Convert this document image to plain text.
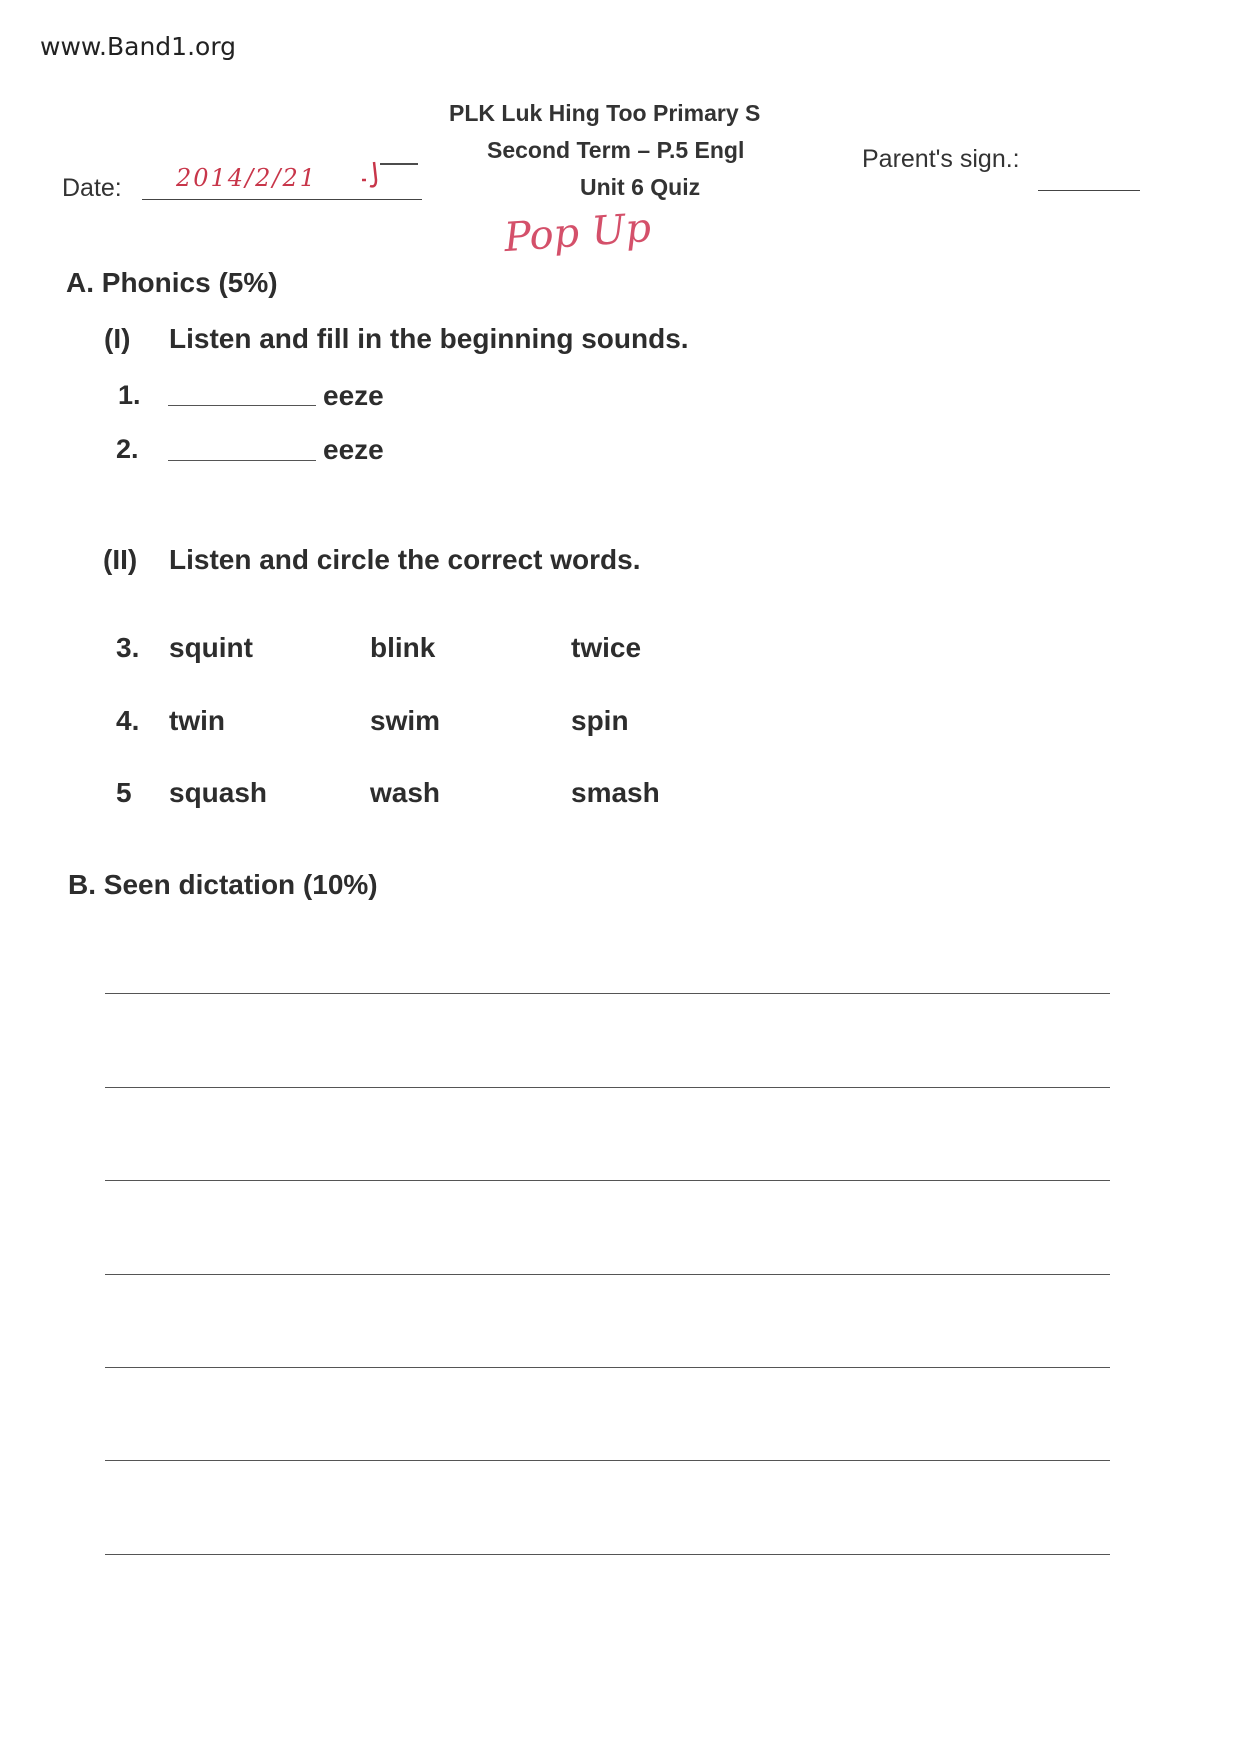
www.Band1.org
PLK Luk Hing Too Primary S
Second Term – P.5 Engl
Unit 6 Quiz
Date: 2014/2/21
Parent's sign.:
Pop Up
A. Phonics (5%)
(I) Listen and fill in the beginning sounds.
1.	eeze
2.	eeze
(II) Listen and circle the correct words.
3. squint	blink	twice
4. twin	swim	spin
5 squash	wash	smash
B. Seen dictation (10%)
